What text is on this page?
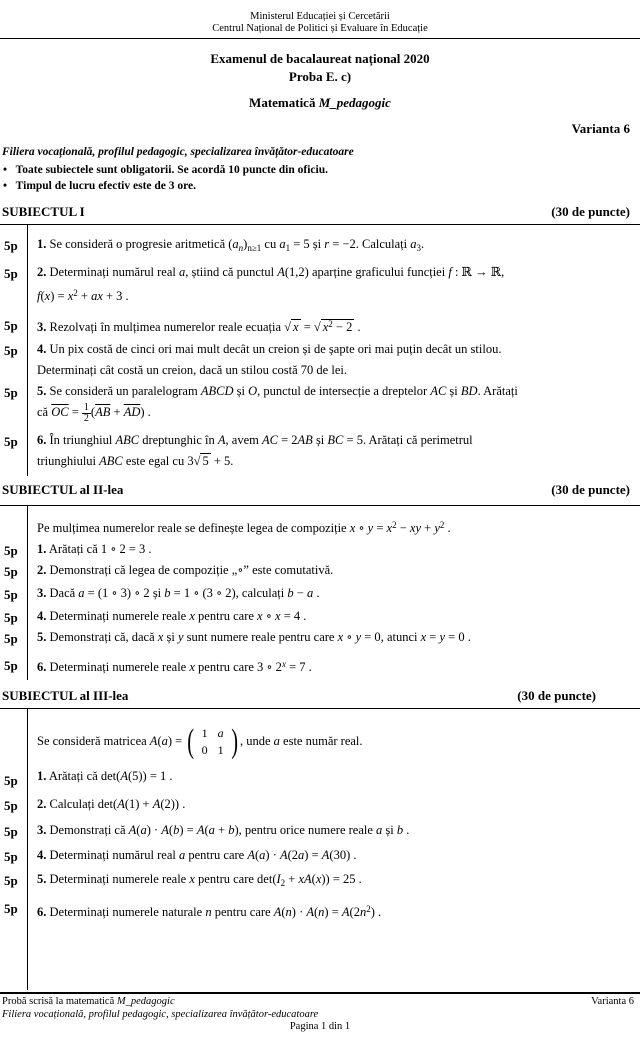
Ministerul Educației și Cercetării
Centrul Național de Politici și Evaluare în Educație
Examenul de bacalaureat național 2020
Proba E. c)
Matematică M_pedagogic
Varianta 6
Filiera vocațională, profilul pedagogic, specializarea învățător-educatoare
•   Toate subiectele sunt obligatorii. Se acordă 10 puncte din oficiu.
•   Timpul de lucru efectiv este de 3 ore.
SUBIECTUL I	(30 de puncte)
5p	1. Se consideră o progresie aritmetică $(a_n)_{n\ge 1}$ cu $a_1 = 5$ și r = −2. Calculați $a_3$.
5p	2. Determinați numărul real a, știind că punctul A(1,2) aparține graficului funcției f : ℝ → ℝ,
$f(x) = x^2$ + ax + 3 .
5p	3. Rezolvați în mulțimea numerelor reale ecuația √ x = √ $x^2 - 2$ .
5p	4. Un pix costă de cinci ori mai mult decât un creion și de șapte ori mai puțin decât un stilou.
Determinați cât costă un creion, dacă un stilou costă 70 de lei.
5p	5. Se consideră un paralelogram ABCD și O, punctul de intersecție a dreptelor AC și BD. Arătați
că $\overline{OC} = \frac{1}{2} (\overline{AB} + \overline{AD})$ .
5p	6. În triunghiul ABC dreptunghic în A, avem AC = 2AB și BC = 5. Arătați că perimetrul
triunghiului ABC este egal cu 3√ 5 + 5.
SUBIECTUL al II-lea	(30 de puncte)
Pe mulțimea numerelor reale se definește legea de compoziție x ∘ $y = x^2$ − xy + $y^2$ .
5p	1. Arătați că 1 ∘ 2 = 3 .
5p	2. Demonstrați că legea de compoziție „∘” este comutativă.
5p	3. Dacă a = (1 ∘ 3) ∘ 2 și b = 1 ∘ (3 ∘ 2), calculați b − a .
5p	4. Determinați numerele reale x pentru care x ∘ x = 4 .
5p	5. Demonstrați că, dacă x și y sunt numere reale pentru care x ∘ y = 0, atunci x = y = 0 .
5p	6. Determinați numerele reale x pentru care 3 ∘ $2^x = 7$ .
SUBIECTUL al III-lea	(30 de puncte)
Se consideră matricea A(a) = ( 1 a
0 1 ) , unde a este număr real.
5p	1. Arătați că det(A(5)) = 1 .
5p	2. Calculați det(A(1) + A(2)) .
5p	3. Demonstrați că A(a) · A(b) = A(a + b), pentru orice numere reale a și b .
5p	4. Determinați numărul real a pentru care A(a) · A(2a) = A(30) .
5p	5. Determinați numerele reale x pentru care $\det(I_2 + xA(x)) = 25$ .
5p	6. Determinați numerele naturale n pentru care $A(n) \cdot A(n) = A(2n^2)$ .
Probă scrisă la matematică M_pedagogic	Varianta 6
Filiera vocațională, profilul pedagogic, specializarea învățător-educatoare
Pagina 1 din 1
